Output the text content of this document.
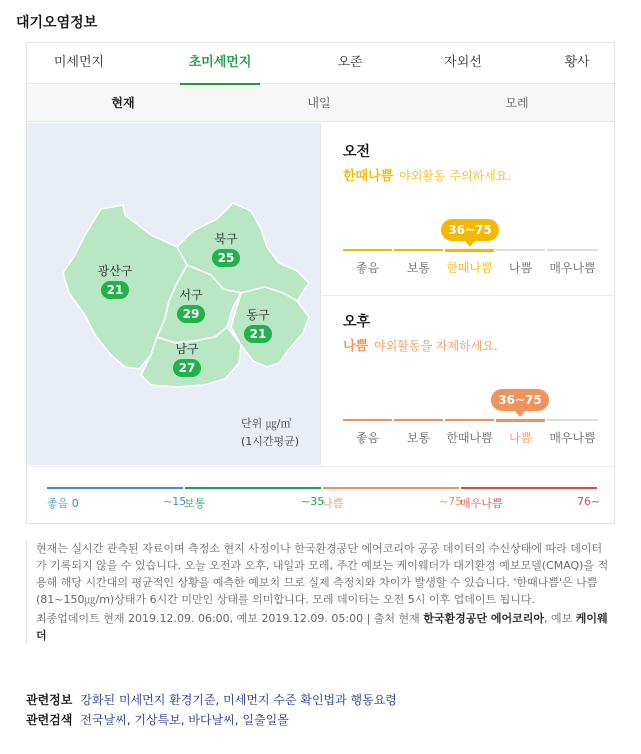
대기오염정보
미세먼지	초미세먼지	오존	자외선	황사
현재	내일	모레
광산구
21
북구
25
서구
29	동구
21
남구
27
단위 ㎍/㎥
(1시간평균)
오전
한때나쁨 야외활동 주의하세요.
36~75
좋음	보통	한때나쁨	나쁨	매우나쁨
오후
나쁨 야외활동을 자제하세요.
36~75
좋음	보통	한때나쁨	나쁨	매우나쁨
좋음 0	~15
보통	~35
나쁨	~75
매우나쁨	76~
현재는 실시간 관측된 자료이며 측정소 현지 사정이나 한국환경공단 에어코리아 공공 데이터의 수신상태에 따라 데이터가 기록되지 않을 수 있습니다. 오늘 오전과 오후, 내일과 모레, 주간 예보는 케이웨더가 대기환경 예보모델(CMAQ)을 적용해 해당 시간대의 평균적인 상황을 예측한 예보치 므로 실제 측정치와 차이가 발생할 수 있습니다. '한때나쁨'은 나쁨(81~150㎍/m)상태가 6시간 미만인 상태를 의미합니다. 모레 데이터는 오전 5시 이후 업데이트 됩니다.
최종업데이트 현재 2019.12.09. 06:00, 예보 2019.12.09. 05:00 | 출처 현재 한국환경공단 에어코리아, 예보 케이웨더
관련정보 강화된 미세먼지 환경기준, 미세먼지 수준 확인법과 행동요령
관련검색 전국날씨, 기상특보, 바다날씨, 일출일몰
